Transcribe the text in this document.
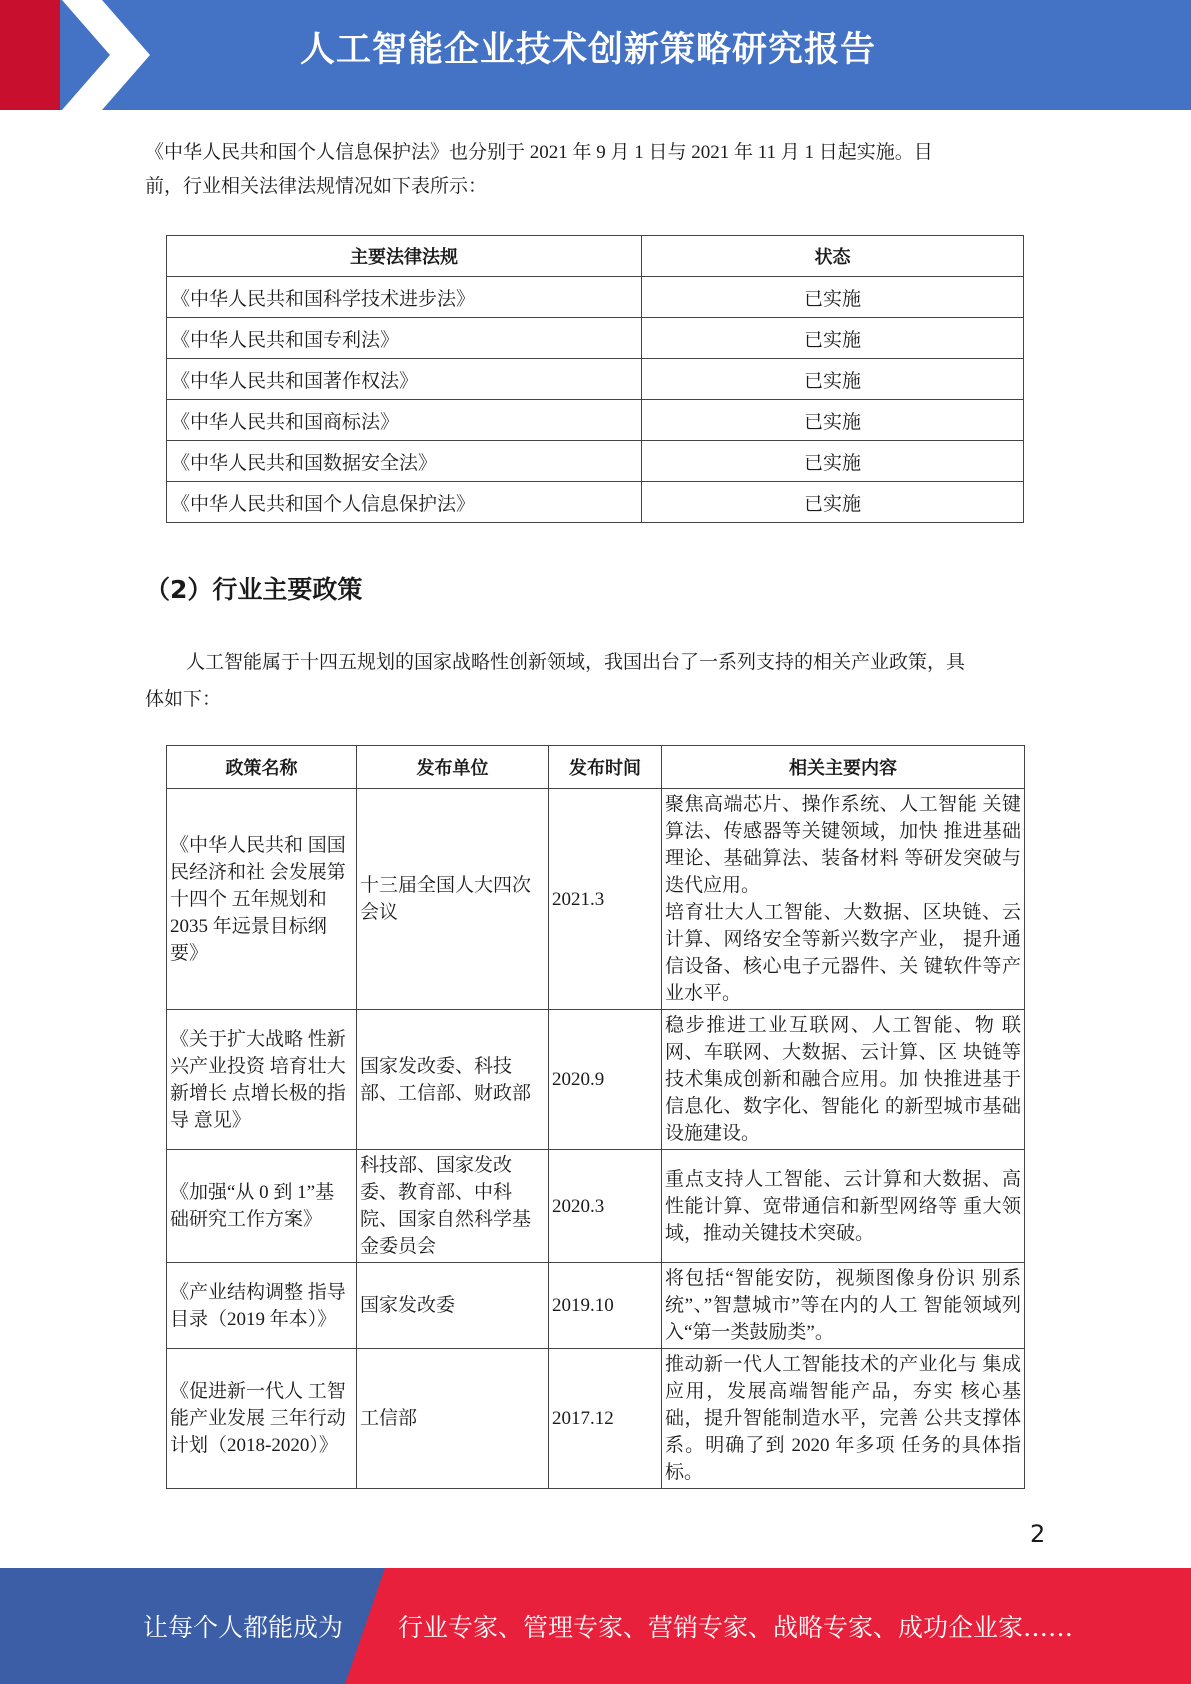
人工智能企业技术创新策略研究报告
《中华人民共和国个人信息保护法》也分别于 2021 年 9 月 1 日与 2021 年 11 月 1 日起实施。目
前，行业相关法律法规情况如下表所示：
主要法律法规	状态
《中华人民共和国科学技术进步法》	已实施
《中华人民共和国专利法》	已实施
《中华人民共和国著作权法》	已实施
《中华人民共和国商标法》	已实施
《中华人民共和国数据安全法》	已实施
《中华人民共和国个人信息保护法》	已实施
（2）行业主要政策
人工智能属于十四五规划的国家战略性创新领域，我国出台了一系列支持的相关产业政策，具
体如下：
政策名称	发布单位	发布时间	相关主要内容
《中华人民共和 国国民经济和社 会发展第十四个 五年规划和 2035 年远景目标纲要》	十三届全国人大四次会议	2021.3	聚焦高端芯片、操作系统、人工智能 关键算法、传感器等关键领域，加快 推进基础理论、基础算法、装备材料 等研发突破与迭代应用。
培育壮大人工智能、大数据、区块链、云计算、网络安全等新兴数字产业， 提升通信设备、核心电子元器件、关 键软件等产业水平。
《关于扩大战略 性新兴产业投资 培育壮大新增长 点增长极的指导 意见》	国家发改委、科技部、工信部、财政部	2020.9	稳步推进工业互联网、人工智能、物 联网、车联网、大数据、云计算、区 块链等技术集成创新和融合应用。加 快推进基于信息化、数字化、智能化 的新型城市基础设施建设。
《加强“从 0 到 1”基础研究工作方案》	科技部、国家发改委、教育部、中科院、国家自然科学基金委员会	2020.3	重点支持人工智能、云计算和大数据、高性能计算、宽带通信和新型网络等 重大领域，推动关键技术突破。
《产业结构调整 指导目录（2019 年本）》	国家发改委	2019.10	将包括“智能安防，视频图像身份识 别系统”、”智慧城市”等在内的人工 智能领域列入“第一类鼓励类”。
《促进新一代人 工智能产业发展 三年行动计划（2018-2020）》	工信部	2017.12	推动新一代人工智能技术的产业化与 集成应用，发展高端智能产品，夯实 核心基础，提升智能制造水平，完善 公共支撑体系。明确了到 2020 年多项 任务的具体指标。
2
让每个人都能成为 行业专家、管理专家、营销专家、战略专家、成功企业家……
